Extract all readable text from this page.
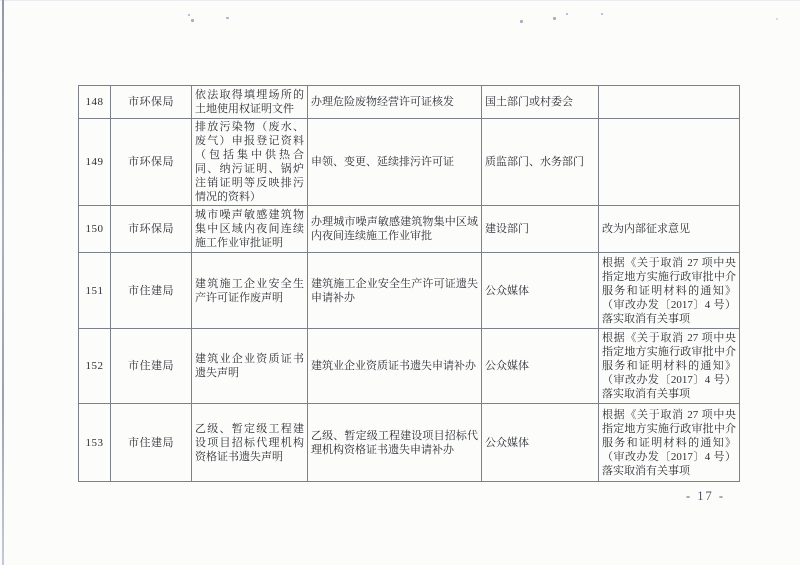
148	市环保局	依法取得填埋场所的土地使用权证明文件	办理危险废物经营许可证核发	国土部门或村委会	
149	市环保局	排放污染物（废水、废气）申报登记资料（包括集中供热合同、纳污证明、锅炉注销证明等反映排污情况的资料）	申领、变更、延续排污许可证	质监部门、水务部门	
150	市环保局	城市噪声敏感建筑物集中区域内夜间连续施工作业审批证明	办理城市噪声敏感建筑物集中区域内夜间连续施工作业审批	建设部门	改为内部征求意见
151	市住建局	建筑施工企业安全生产许可证作废声明	建筑施工企业安全生产许可证遗失申请补办	公众媒体	根据《关于取消 27 项中央指定地方实施行政审批中介服务和证明材料的通知》（审改办发〔2017〕4 号）落实取消有关事项
152	市住建局	建筑业企业资质证书遗失声明	建筑业企业资质证书遗失申请补办	公众媒体	根据《关于取消 27 项中央指定地方实施行政审批中介服务和证明材料的通知》（审改办发〔2017〕4 号）落实取消有关事项
153	市住建局	乙级、暂定级工程建设项目招标代理机构资格证书遗失声明	乙级、暂定级工程建设项目招标代理机构资格证书遗失申请补办	公众媒体	根据《关于取消 27 项中央指定地方实施行政审批中介服务和证明材料的通知》（审改办发〔2017〕4 号）落实取消有关事项
- 17 -
